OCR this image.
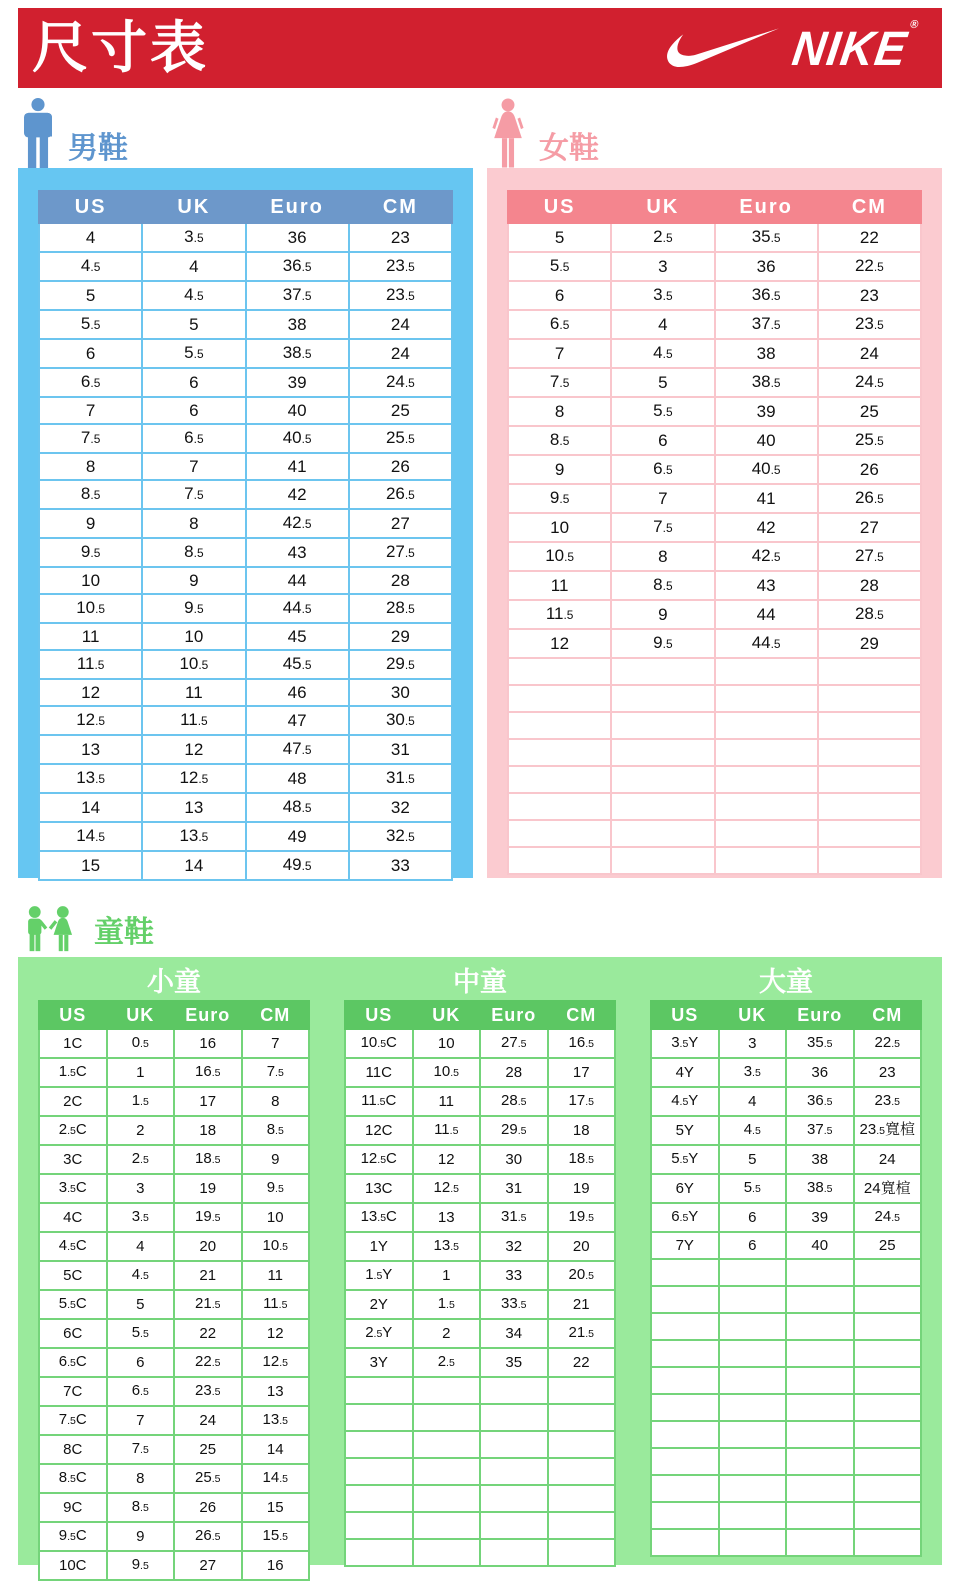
尺寸表	NIKE®
男鞋
US	UK	Euro	CM
4	3.5	36	23
4.5	4	36.5	23.5
5	4.5	37.5	23.5
5.5	5	38	24
6	5.5	38.5	24
6.5	6	39	24.5
7	6	40	25
7.5	6.5	40.5	25.5
8	7	41	26
8.5	7.5	42	26.5
9	8	42.5	27
9.5	8.5	43	27.5
10	9	44	28
10.5	9.5	44.5	28.5
11	10	45	29
11.5	10.5	45.5	29.5
12	11	46	30
12.5	11.5	47	30.5
13	12	47.5	31
13.5	12.5	48	31.5
14	13	48.5	32
14.5	13.5	49	32.5
15	14	49.5	33
女鞋
US	UK	Euro	CM
5	2.5	35.5	22
5.5	3	36	22.5
6	3.5	36.5	23
6.5	4	37.5	23.5
7	4.5	38	24
7.5	5	38.5	24.5
8	5.5	39	25
8.5	6	40	25.5
9	6.5	40.5	26
9.5	7	41	26.5
10	7.5	42	27
10.5	8	42.5	27.5
11	8.5	43	28
11.5	9	44	28.5
12	9.5	44.5	29

童鞋
小童
US	UK	Euro	CM
1C	0.5	16	7
1.5C	1	16.5	7.5
2C	1.5	17	8
2.5C	2	18	8.5
3C	2.5	18.5	9
3.5C	3	19	9.5
4C	3.5	19.5	10
4.5C	4	20	10.5
5C	4.5	21	11
5.5C	5	21.5	11.5
6C	5.5	22	12
6.5C	6	22.5	12.5
7C	6.5	23.5	13
7.5C	7	24	13.5
8C	7.5	25	14
8.5C	8	25.5	14.5
9C	8.5	26	15
9.5C	9	26.5	15.5
10C	9.5	27	16
中童
US	UK	Euro	CM
10.5C	10	27.5	16.5
11C	10.5	28	17
11.5C	11	28.5	17.5
12C	11.5	29.5	18
12.5C	12	30	18.5
13C	12.5	31	19
13.5C	13	31.5	19.5
1Y	13.5	32	20
1.5Y	1	33	20.5
2Y	1.5	33.5	21
2.5Y	2	34	21.5
3Y	2.5	35	22

大童
US	UK	Euro	CM
3.5Y	3	35.5	22.5
4Y	3.5	36	23
4.5Y	4	36.5	23.5
5Y	4.5	37.5	23.5寬楦
5.5Y	5	38	24
6Y	5.5	38.5	24寬楦
6.5Y	6	39	24.5
7Y	6	40	25
